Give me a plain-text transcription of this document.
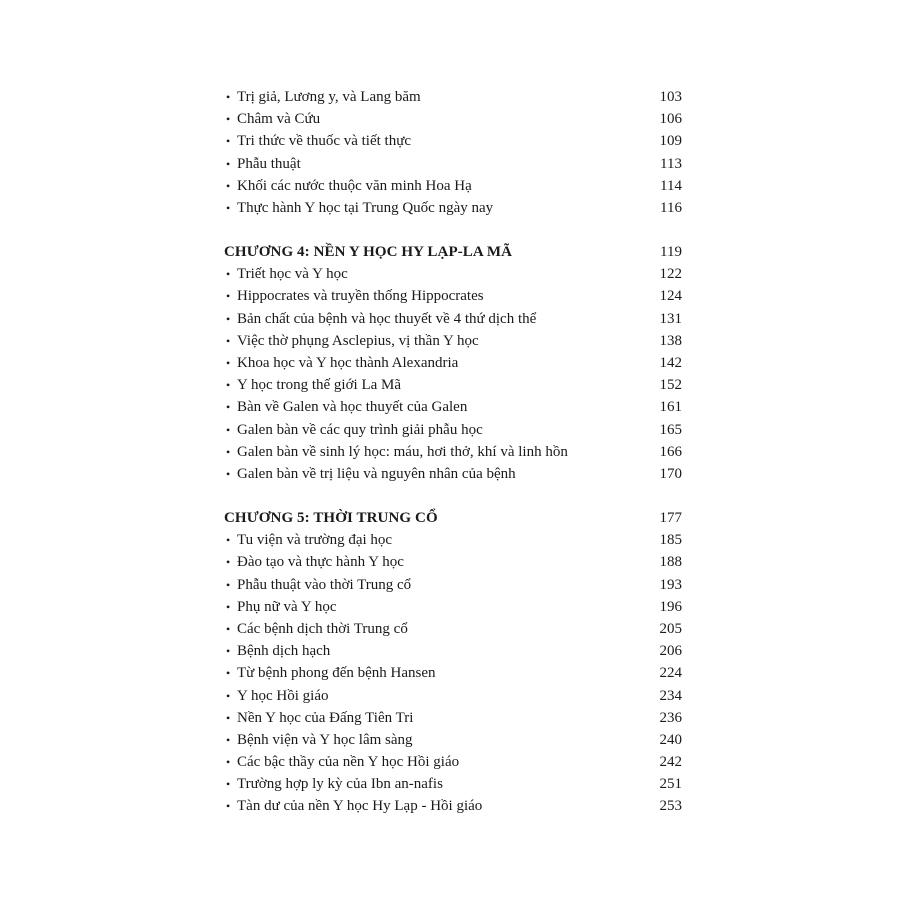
• Trị giả, Lương y, và Lang băm	103
• Châm và Cứu	106
• Tri thức về thuốc và tiết thực	109
• Phẫu thuật	113
• Khối các nước thuộc văn minh Hoa Hạ	114
• Thực hành Y học tại Trung Quốc ngày nay	116
CHƯƠNG 4: NỀN Y HỌC HY LẠP-LA MÃ	119
• Triết học và Y học	122
• Hippocrates và truyền thống Hippocrates	124
• Bản chất của bệnh và học thuyết về 4 thứ dịch thể	131
• Việc thờ phụng Asclepius, vị thần Y học	138
• Khoa học và Y học thành Alexandria	142
• Y học trong thế giới La Mã	152
• Bàn về Galen và học thuyết của Galen	161
• Galen bàn về các quy trình giải phẫu học	165
• Galen bàn về sinh lý học: máu, hơi thở, khí và linh hồn	166
• Galen bàn về trị liệu và nguyên nhân của bệnh	170
CHƯƠNG 5: THỜI TRUNG CỔ	177
• Tu viện và trường đại học	185
• Đào tạo và thực hành Y học	188
• Phẫu thuật vào thời Trung cổ	193
• Phụ nữ và Y học	196
• Các bệnh dịch thời Trung cổ	205
• Bệnh dịch hạch	206
• Từ bệnh phong đến bệnh Hansen	224
• Y học Hồi giáo	234
• Nền Y học của Đấng Tiên Tri	236
• Bệnh viện và Y học lâm sàng	240
• Các bậc thầy của nền Y học Hồi giáo	242
• Trường hợp ly kỳ của Ibn an-nafis	251
• Tàn dư của nền Y học Hy Lạp - Hồi giáo	253
